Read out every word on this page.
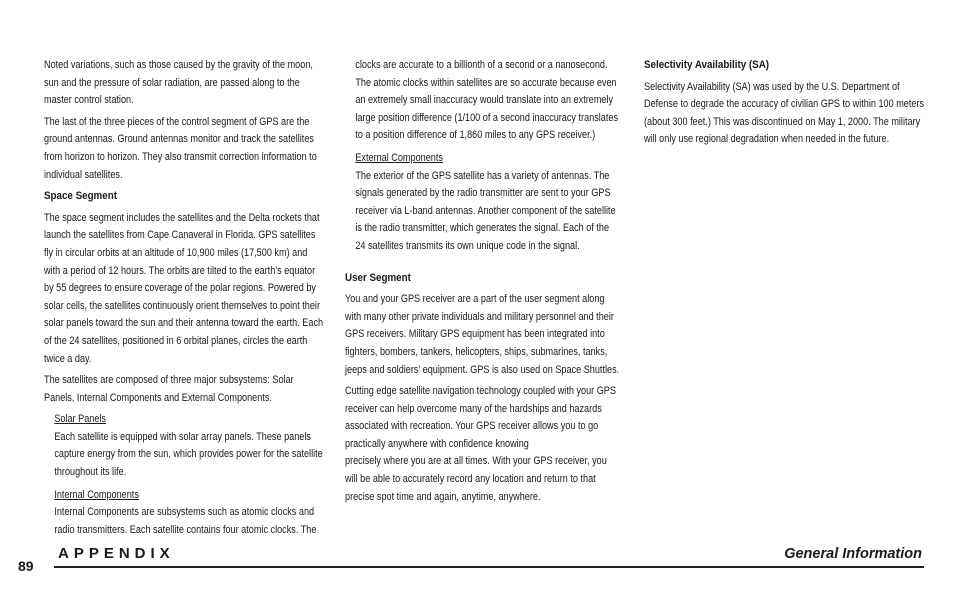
Noted variations, such as those caused by the gravity of the moon, sun and the pressure of solar radiation, are passed along to the master control station.

The last of the three pieces of the control segment of GPS are the ground antennas. Ground antennas monitor and track the satellites from horizon to horizon. They also transmit correction information to individual satellites.

Space Segment

The space segment includes the satellites and the Delta rockets that launch the satellites from Cape Canaveral in Florida. GPS satellites fly in circular orbits at an altitude of 10,900 miles (17,500 km) and with a period of 12 hours. The orbits are tilted to the earth’s equator by 55 degrees to ensure coverage of the polar regions. Powered by solar cells, the satellites continuously orient themselves to point their solar panels toward the sun and their antenna toward the earth. Each of the 24 satellites, positioned in 6 orbital planes, circles the earth twice a day.

The satellites are composed of three major subsystems: Solar Panels, Internal Components and External Components.

Solar Panels

Each satellite is equipped with solar array panels. These panels capture energy from the sun, which provides power for the satellite throughout its life.

Internal Components

Internal Components are subsystems such as atomic clocks and radio transmitters. Each satellite contains four atomic clocks. The

clocks are accurate to a billionth of a second or a nanosecond. The atomic clocks within satellites are so accurate because even an extremely small inaccuracy would translate into an extremely large position difference (1/100 of a second inaccuracy translates to a position difference of 1,860 miles to any GPS receiver.)

External Components

The exterior of the GPS satellite has a variety of antennas. The signals generated by the radio transmitter are sent to your GPS receiver via L-band antennas. Another component of the satellite is the radio transmitter, which generates the signal. Each of the 24 satellites transmits its own unique code in the signal.

User Segment

You and your GPS receiver are a part of the user segment along with many other private individuals and military personnel and their GPS receivers. Military GPS equipment has been integrated into fighters, bombers, tankers, helicopters, ships, submarines, tanks, jeeps and soldiers’ equipment. GPS is also used on Space Shuttles.

Cutting edge satellite navigation technology coupled with your GPS receiver can help overcome many of the hardships and hazards associated with recreation. Your GPS receiver allows you to go practically anywhere with confidence knowing

precisely where you are at all times. With your GPS receiver, you will be able to accurately record any location and return to that precise spot time and again, anytime, anywhere.

Selectivity Availability (SA)

Selectivity Availability (SA) was used by the U.S. Department of Defense to degrade the accuracy of civilian GPS to within 100 meters (about 300 feet.) This was discontinued on May 1, 2000. The military will only use regional degradation when needed in the future.

APPENDIX	General Information
89
